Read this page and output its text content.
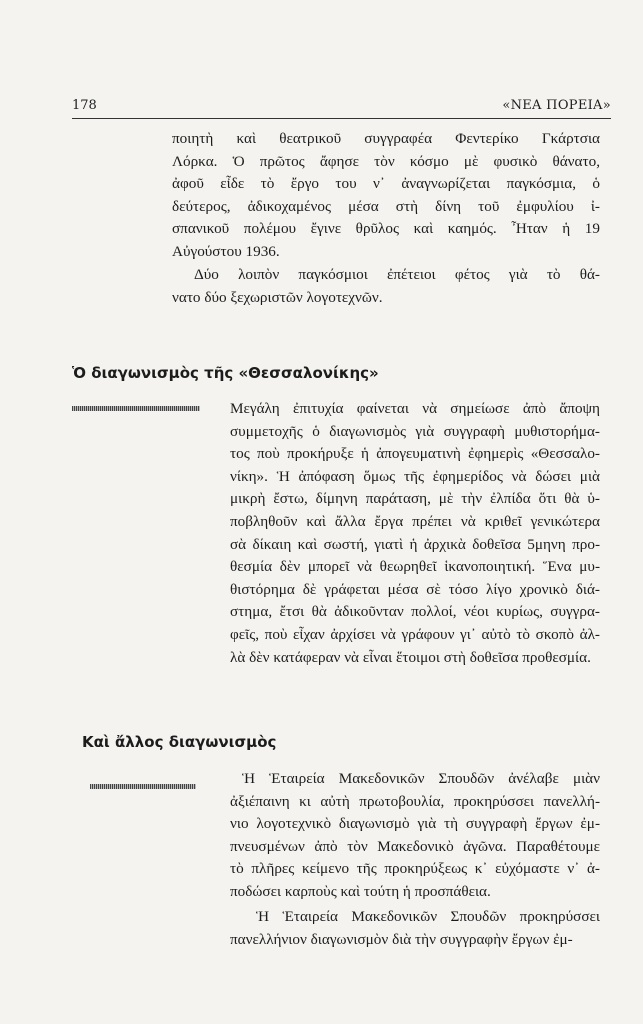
178	«ΝΕΑ ΠΟΡΕΙΑ»

ποιητὴ καὶ θεατρικοῦ συγγραφέα Φεντερίκο Γκάρτσια
Λόρκα. Ὁ πρῶτος ἄφησε τὸν κόσμο μὲ φυσικὸ θάνατο,
ἀφοῦ εἶδε τὸ ἔργο του ν᾿ ἀναγνωρίζεται παγκόσμια, ὁ
δεύτερος, ἀδικοχαμένος μέσα στὴ δίνη τοῦ ἐμφυλίου ἰ-
σπανικοῦ πολέμου ἔγινε θρῦλος καὶ καημός. Ἦταν ἡ 19
Αὐγούστου 1936.

Δύο λοιπὸν παγκόσμιοι ἐπέτειοι φέτος γιὰ τὸ θά-
νατο δύο ξεχωριστῶν λογοτεχνῶν.

Ὁ διαγωνισμὸς τῆς «Θεσσαλονίκης»

Μεγάλη ἐπιτυχία φαίνεται νὰ σημείωσε ἀπὸ ἄποψη
συμμετοχῆς ὁ διαγωνισμὸς γιὰ συγγραφὴ μυθιστορήμα-
τος ποὺ προκήρυξε ἡ ἀπογευματινὴ ἐφημερὶς «Θεσσαλο-
νίκη». Ἡ ἀπόφαση ὅμως τῆς ἐφημερίδος νὰ δώσει μιὰ
μικρὴ ἔστω, δίμηνη παράταση, μὲ τὴν ἐλπίδα ὅτι θὰ ὑ-
ποβληθοῦν καὶ ἄλλα ἔργα πρέπει νὰ κριθεῖ γενικώτερα
σὰ δίκαιη καὶ σωστή, γιατὶ ἡ ἀρχικὰ δοθεῖσα 5μηνη προ-
θεσμία δὲν μπορεῖ νὰ θεωρηθεῖ ἱκανοποιητική. Ἕνα μυ-
θιστόρημα δὲ γράφεται μέσα σὲ τόσο λίγο χρονικὸ διά-
στημα, ἔτσι θὰ ἀδικοῦνταν πολλοί, νέοι κυρίως, συγγρα-
φεῖς, ποὺ εἶχαν ἀρχίσει νὰ γράφουν γι᾿ αὐτὸ τὸ σκοπὸ ἀλ-
λὰ δὲν κατάφεραν νὰ εἶναι ἕτοιμοι στὴ δοθεῖσα προθεσμία.

Καὶ ἄλλος διαγωνισμὸς

Ἡ Ἑταιρεία Μακεδονικῶν Σπουδῶν ἀνέλαβε μιὰν
ἀξιέπαινη κι αὐτὴ πρωτοβουλία, προκηρύσσει πανελλή-
νιο λογοτεχνικὸ διαγωνισμὸ γιὰ τὴ συγγραφὴ ἔργων ἐμ-
πνευσμένων ἀπὸ τὸν Μακεδονικὸ ἀγῶνα. Παραθέτουμε
τὸ πλῆρες κείμενο τῆς προκηρύξεως κ᾿ εὐχόμαστε ν᾿ ἀ-
ποδώσει καρποὺς καὶ τούτη ἡ προσπάθεια.

Ἡ Ἑταιρεία Μακεδονικῶν Σπουδῶν προκηρύσσει
πανελλήνιον διαγωνισμὸν διὰ τὴν συγγραφὴν ἔργων ἐμ-
